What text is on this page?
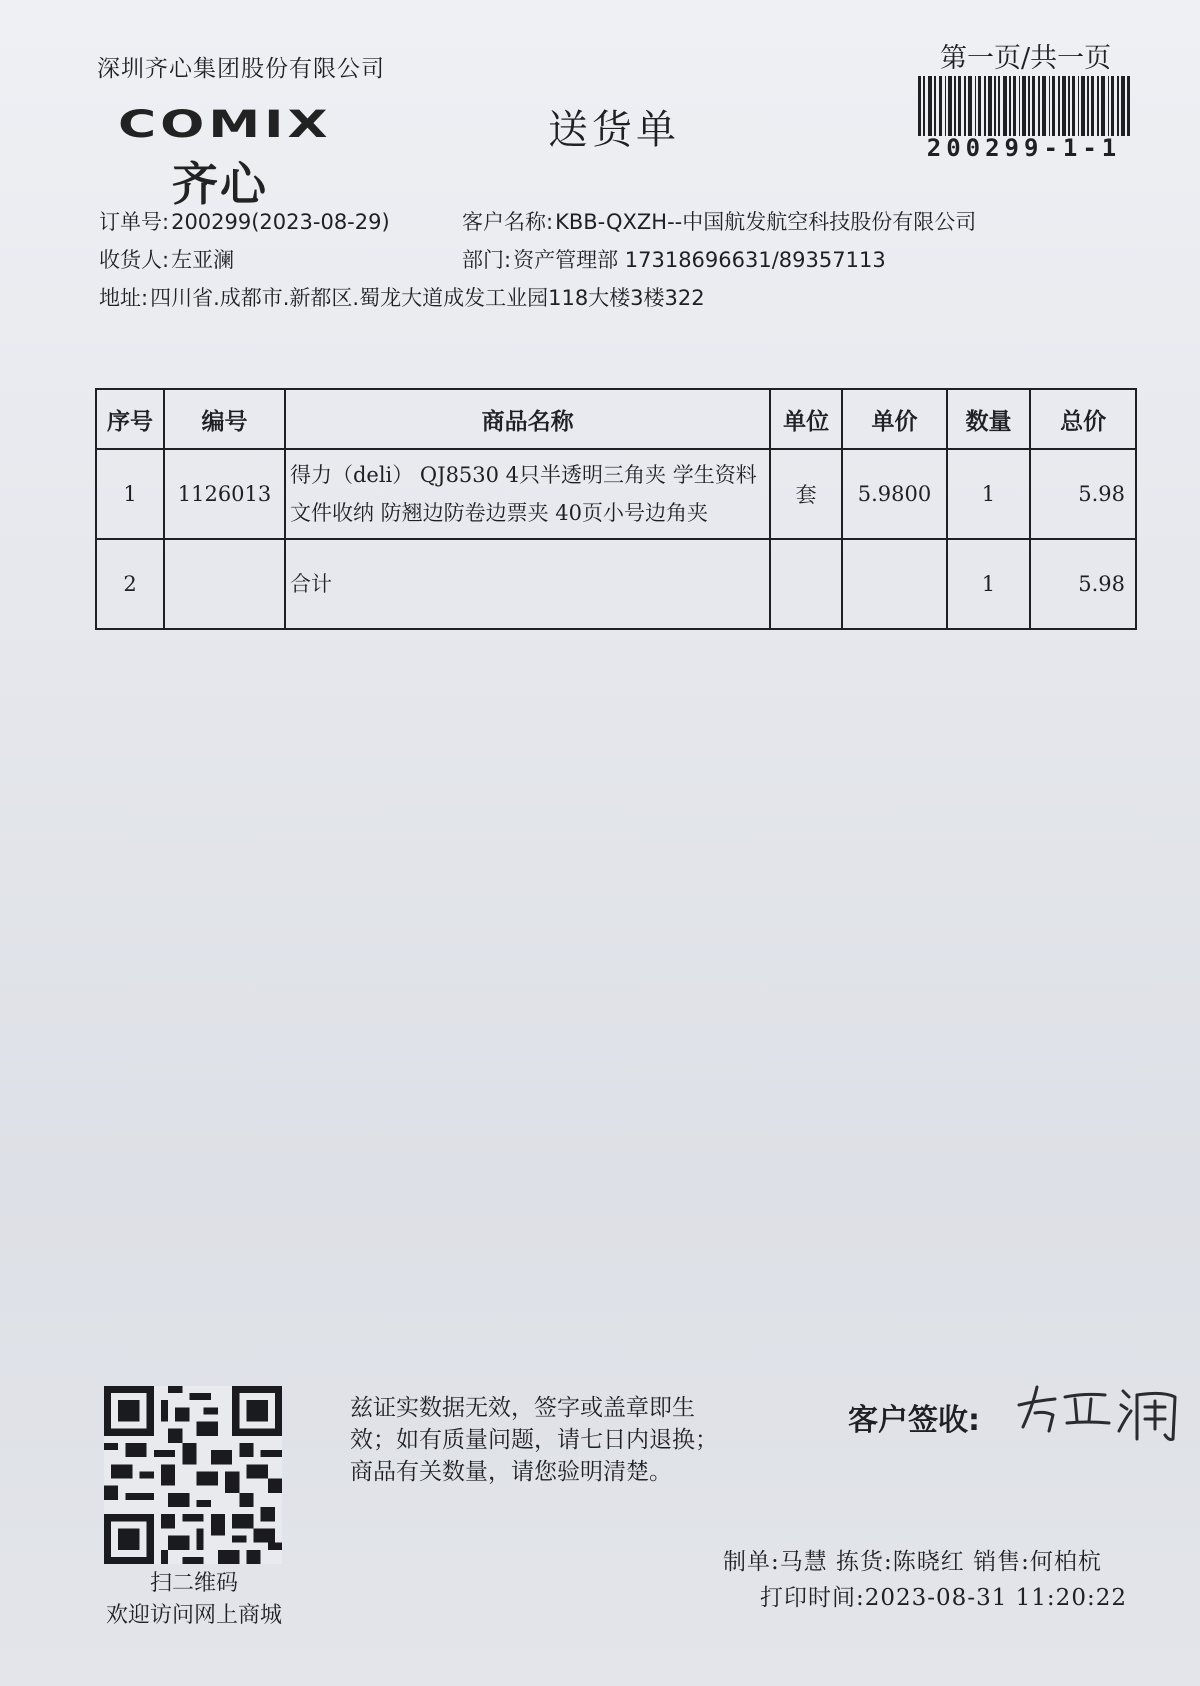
深圳齐心集团股份有限公司	第一页/共一页
200299-1-1
COMIX
齐心
送货单
订单号:200299(2023-08-29)	客户名称:KBB-QXZH--中国航发航空科技股份有限公司
收货人:左亚澜	部门:资产管理部 17318696631/89357113
地址:四川省.成都市.新都区.蜀龙大道成发工业园118大楼3楼322
序号	编号	商品名称	单位	单价	数量	总价
1	1126013	得力（deli） QJ8530 4只半透明三角夹 学生资料
文件收纳 防翘边防卷边票夹 40页小号边角夹	套	5.9800	1	5.98
2		合计			1	5.98
扫二维码
欢迎访问网上商城
兹证实数据无效，签字或盖章即生
效；如有质量问题，请七日内退换；
商品有关数量，请您验明清楚。
客户签收:
制单:马慧 拣货:陈晓红 销售:何柏杭
打印时间:2023-08-31 11:20:22
